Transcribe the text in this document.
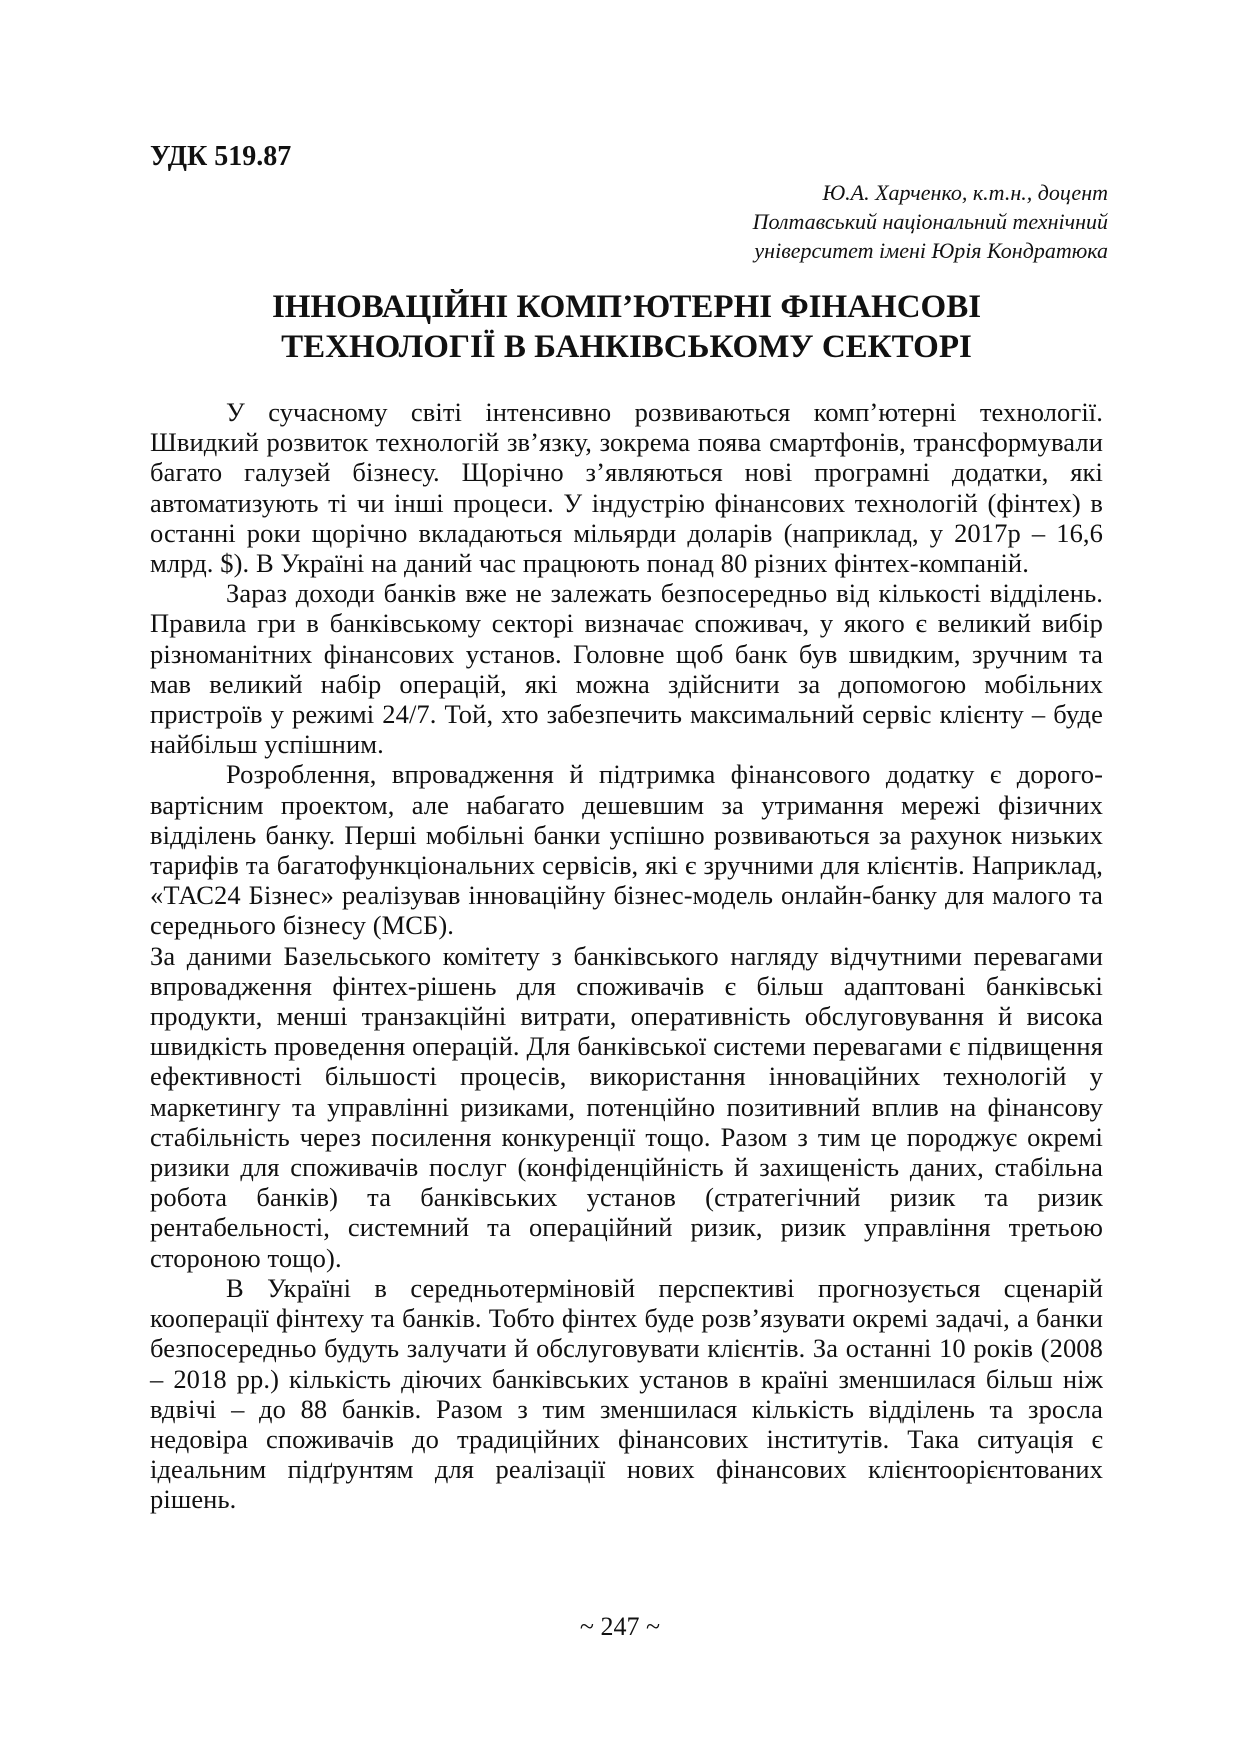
УДК 519.87
Ю.А. Харченко, к.т.н., доцент
Полтавський національний технічний
університет імені Юрія Кондратюка
ІННОВАЦІЙНІ КОМП’ЮТЕРНІ ФІНАНСОВІ
ТЕХНОЛОГІЇ В БАНКІВСЬКОМУ СЕКТОРІ

У сучасному світі інтенсивно розвиваються комп’ютерні технології. Швидкий розвиток технологій зв’язку, зокрема поява смартфонів, трансформували багато галузей бізнесу. Щорічно з’являються нові програмні додатки, які автоматизують ті чи інші процеси. У індустрію фінансових технологій (фінтех) в останні роки щорічно вкладаються мільярди доларів (наприклад, у 2017р – 16,6 млрд. $). В Україні на даний час працюють понад 80 різних фінтех-компаній.

Зараз доходи банків вже не залежать безпосередньо від кількості відділень. Правила гри в банківському секторі визначає споживач, у якого є великий вибір різноманітних фінансових установ. Головне щоб банк був швидким, зручним та мав великий набір операцій, які можна здійснити за допомогою мобільних пристроїв у режимі 24/7. Той, хто забезпечить максимальний сервіс клієнту – буде найбільш успішним.

Розроблення, впровадження й підтримка фінансового додатку є дорого- вартісним проектом, але набагато дешевшим за утримання мережі фізичних відділень банку. Перші мобільні банки успішно розвиваються за рахунок низьких тарифів та багатофункціональних сервісів, які є зручними для клієнтів. Наприклад, «ТАС24 Бізнес» реалізував інноваційну бізнес-модель онлайн-банку для малого та середнього бізнесу (МСБ).

За даними Базельського комітету з банківського нагляду відчутними перевагами впровадження фінтех-рішень для споживачів є більш адаптовані банківські продукти, менші транзакційні витрати, оперативність обслуговування й висока швидкість проведення операцій. Для банківської системи перевагами є підвищення ефективності більшості процесів, використання інноваційних технологій у маркетингу та управлінні ризиками, потенційно позитивний вплив на фінансову стабільність через посилення конкуренції тощо. Разом з тим це породжує окремі ризики для споживачів послуг (конфіденційність й захищеність даних, стабільна робота банків) та банківських установ (стратегічний ризик та ризик рентабельності, системний та операційний ризик, ризик управління третьою стороною тощо).

В Україні в середньотерміновій перспективі прогнозується сценарій кооперації фінтеху та банків. Тобто фінтех буде розв’язувати окремі задачі, а банки безпосередньо будуть залучати й обслуговувати клієнтів. За останні 10 років (2008 – 2018 рр.) кількість діючих банківських установ в країні зменшилася більш ніж вдвічі – до 88 банків. Разом з тим зменшилася кількість відділень та зросла недовіра споживачів до традиційних фінансових інститутів. Така ситуація є ідеальним підґрунтям для реалізації нових фінансових клієнтоорієнтованих рішень.

~ 247 ~
